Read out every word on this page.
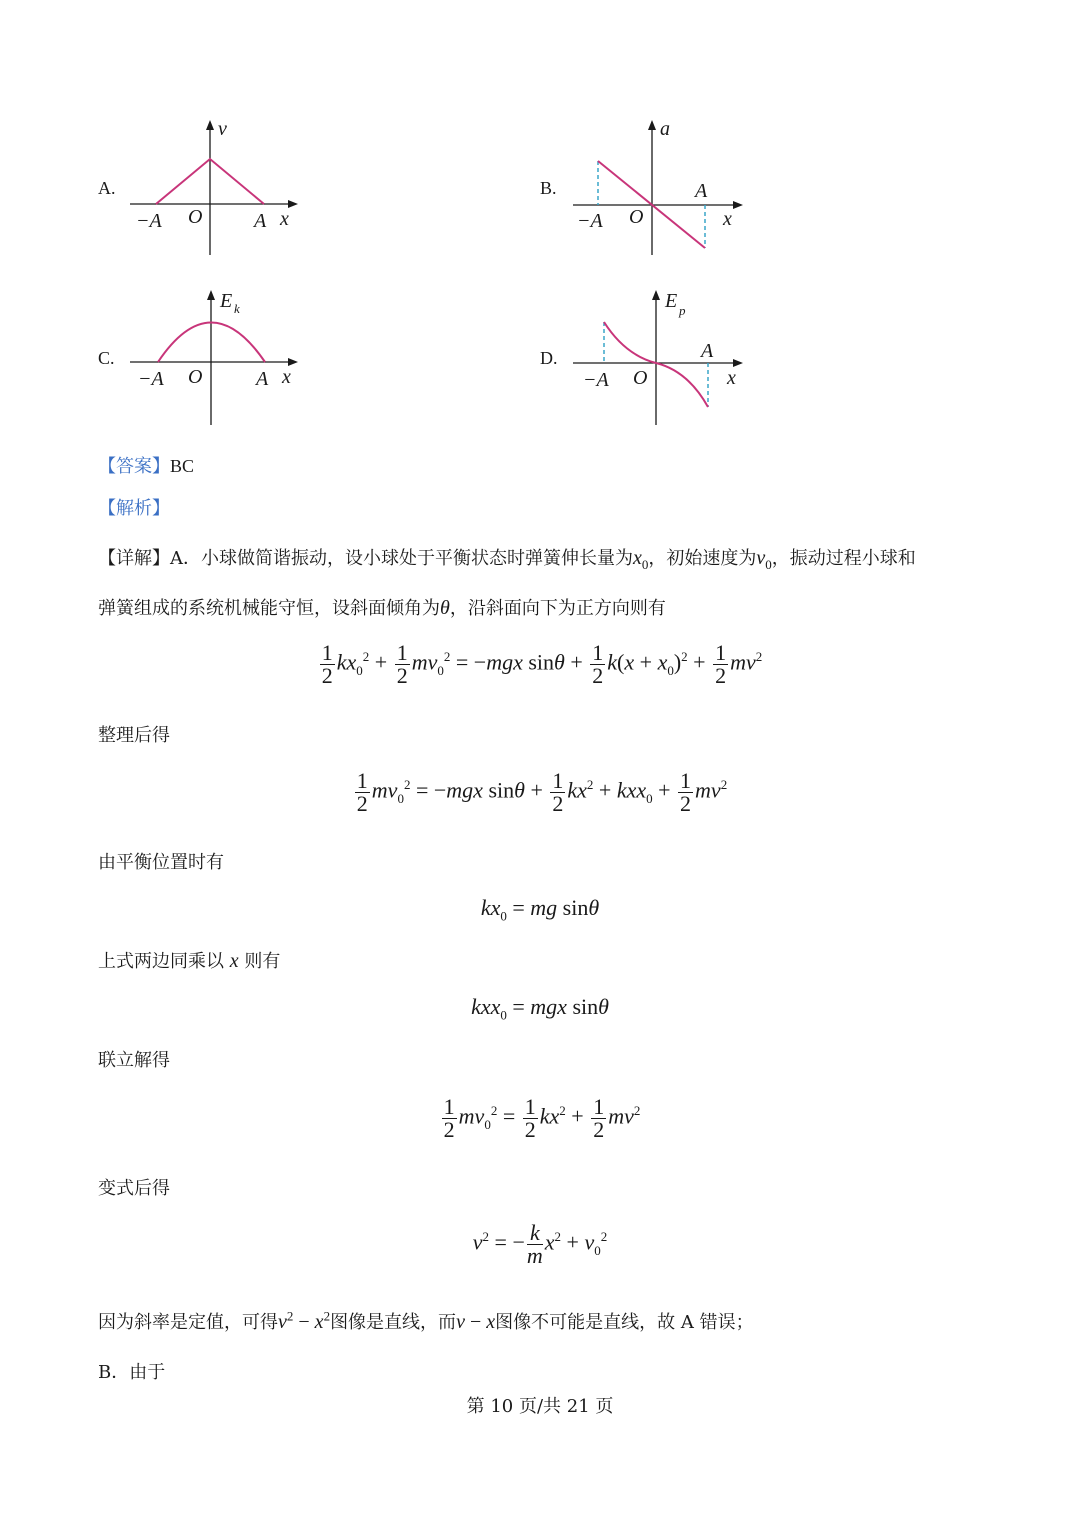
A.
v
x
−A O	A
B.
a
x
−A O
A
C.
E k
x
−A O	A
D.
E p
x
−A O
A
【答案】BC
【解析】
【详解】A．小球做简谐振动，设小球处于平衡状态时弹簧伸长量为$x_0$，初始速度为$v_0$，振动过程小球和
弹簧组成的系统机械能守恒，设斜面倾角为θ，沿斜面向下为正方向则有
$\frac{1}{2} kx_0^2 + \frac{1}{2} mv_0^2 = -mgx$ $\sin\theta + \frac{1}{2} k(x + x_0)^2 + \frac{1}{2} mv^2$
整理后得
$\frac{1}{2} mv_0^2 = -mgx$ $\sin\theta + \frac{1}{2} kx^2 + kxx_0 + \frac{1}{2} mv^2$
由平衡位置时有
$kx_0$ = mg sinθ
上式两边同乘以 x 则有
kxx$_0$ = mgx sinθ
联立解得
$\frac{1}{2} mv_0^2 = \frac{1}{2} kx^2 + \frac{1}{2} mv^2$
变式后得
$v^2$ = − $\frac{k}{m} x^2 + v_0^2$
因为斜率是定值，可得$v^2 - x^2$图像是直线，而v − x图像不可能是直线，故 A 错误；
B．由于
第 10 页/共 21 页
